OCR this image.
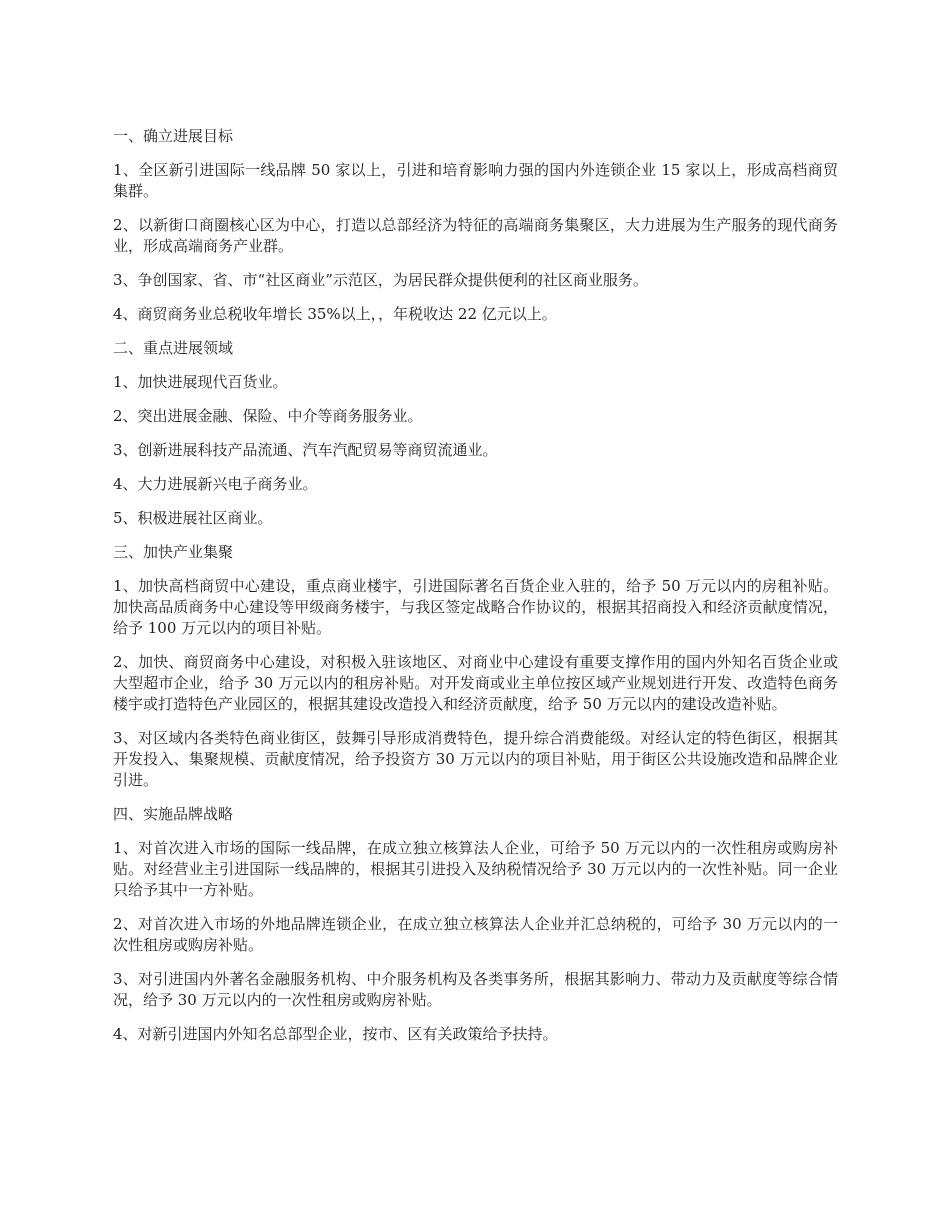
一、确立进展目标

1、全区新引进国际一线品牌 50 家以上，引进和培育影响力强的国内外连锁企业 15 家以上，形成高档商贸集群。

2、以新街口商圈核心区为中心，打造以总部经济为特征的高端商务集聚区，大力进展为生产服务的现代商务业，形成高端商务产业群。

3、争创国家、省、市“社区商业”示范区，为居民群众提供便利的社区商业服务。

4、商贸商务业总税收年增长 35%以上，，年税收达 22 亿元以上。

二、重点进展领域

1、加快进展现代百货业。

2、突出进展金融、保险、中介等商务服务业。

3、创新进展科技产品流通、汽车汽配贸易等商贸流通业。

4、大力进展新兴电子商务业。

5、积极进展社区商业。

三、加快产业集聚

1、加快高档商贸中心建设，重点商业楼宇，引进国际著名百货企业入驻的，给予 50 万元以内的房租补贴。加快高品质商务中心建设等甲级商务楼宇，与我区签定战略合作协议的，根据其招商投入和经济贡献度情况，给予 100 万元以内的项目补贴。

2、加快、商贸商务中心建设，对积极入驻该地区、对商业中心建设有重要支撑作用的国内外知名百货企业或大型超市企业，给予 30 万元以内的租房补贴。对开发商或业主单位按区域产业规划进行开发、改造特色商务楼宇或打造特色产业园区的，根据其建设改造投入和经济贡献度，给予 50 万元以内的建设改造补贴。

3、对区域内各类特色商业街区，鼓舞引导形成消费特色，提升综合消费能级。对经认定的特色街区，根据其开发投入、集聚规模、贡献度情况，给予投资方 30 万元以内的项目补贴，用于街区公共设施改造和品牌企业引进。

四、实施品牌战略

1、对首次进入市场的国际一线品牌，在成立独立核算法人企业，可给予 50 万元以内的一次性租房或购房补贴。对经营业主引进国际一线品牌的，根据其引进投入及纳税情况给予 30 万元以内的一次性补贴。同一企业只给予其中一方补贴。

2、对首次进入市场的外地品牌连锁企业，在成立独立核算法人企业并汇总纳税的，可给予 30 万元以内的一次性租房或购房补贴。

3、对引进国内外著名金融服务机构、中介服务机构及各类事务所，根据其影响力、带动力及贡献度等综合情况，给予 30 万元以内的一次性租房或购房补贴。

4、对新引进国内外知名总部型企业，按市、区有关政策给予扶持。
